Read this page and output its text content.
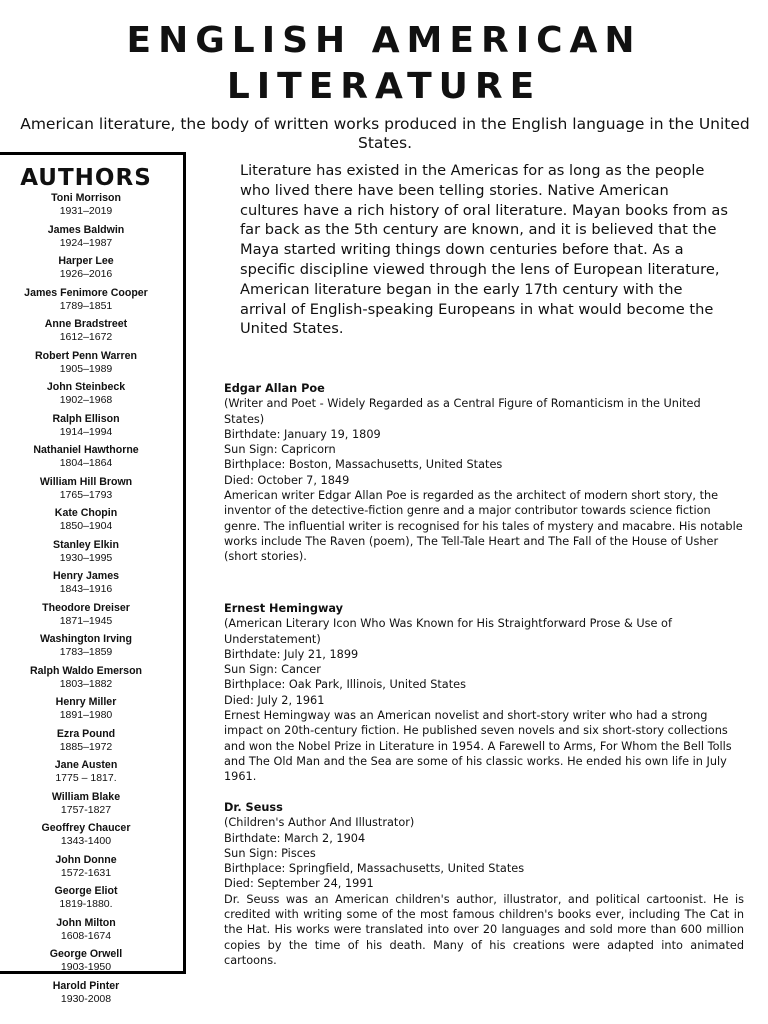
ENGLISH AMERICAN
LITERATURE
American literature, the body of written works produced in the English language in the United States.
AUTHORS
Toni Morrison
1931–2019
James Baldwin
1924–1987
Harper Lee
1926–2016
James Fenimore Cooper
1789–1851
Anne Bradstreet
1612–1672
Robert Penn Warren
1905–1989
John Steinbeck
1902–1968
Ralph Ellison
1914–1994
Nathaniel Hawthorne
1804–1864
William Hill Brown
1765–1793
Kate Chopin
1850–1904
Stanley Elkin
1930–1995
Henry James
1843–1916
Theodore Dreiser
1871–1945
Washington Irving
1783–1859
Ralph Waldo Emerson
1803–1882
Henry Miller
1891–1980
Ezra Pound
1885–1972
Jane Austen
1775 – 1817.
William Blake
1757-1827
Geoffrey Chaucer
1343-1400
John Donne
1572-1631
George Eliot
1819-1880.
John Milton
1608-1674
George Orwell
1903-1950
Harold Pinter
1930-2008
Literature has existed in the Americas for as long as the people who lived there have been telling stories. Native American cultures have a rich history of oral literature. Mayan books from as far back as the 5th century are known, and it is believed that the Maya started writing things down centuries before that. As a specific discipline viewed through the lens of European literature, American literature began in the early 17th century with the arrival of English-speaking Europeans in what would become the United States.
Edgar Allan Poe
(Writer and Poet - Widely Regarded as a Central Figure of Romanticism in the United States)
Birthdate: January 19, 1809
Sun Sign: Capricorn
Birthplace: Boston, Massachusetts, United States
Died: October 7, 1849
American writer Edgar Allan Poe is regarded as the architect of modern short story, the inventor of the detective-fiction genre and a major contributor towards science fiction genre. The influential writer is recognised for his tales of mystery and macabre. His notable works include The Raven (poem), The Tell-Tale Heart and The Fall of the House of Usher (short stories).
Ernest Hemingway
(American Literary Icon Who Was Known for His Straightforward Prose & Use of Understatement)
Birthdate: July 21, 1899
Sun Sign: Cancer
Birthplace: Oak Park, Illinois, United States
Died: July 2, 1961
Ernest Hemingway was an American novelist and short-story writer who had a strong impact on 20th-century fiction. He published seven novels and six short-story collections and won the Nobel Prize in Literature in 1954. A Farewell to Arms, For Whom the Bell Tolls and The Old Man and the Sea are some of his classic works. He ended his own life in July 1961.
Dr. Seuss
(Children's Author And Illustrator)
Birthdate: March 2, 1904
Sun Sign: Pisces
Birthplace: Springfield, Massachusetts, United States
Died: September 24, 1991
Dr. Seuss was an American children's author, illustrator, and political cartoonist. He is credited with writing some of the most famous children's books ever, including The Cat in the Hat. His works were translated into over 20 languages and sold more than 600 million copies by the time of his death. Many of his creations were adapted into animated cartoons.
